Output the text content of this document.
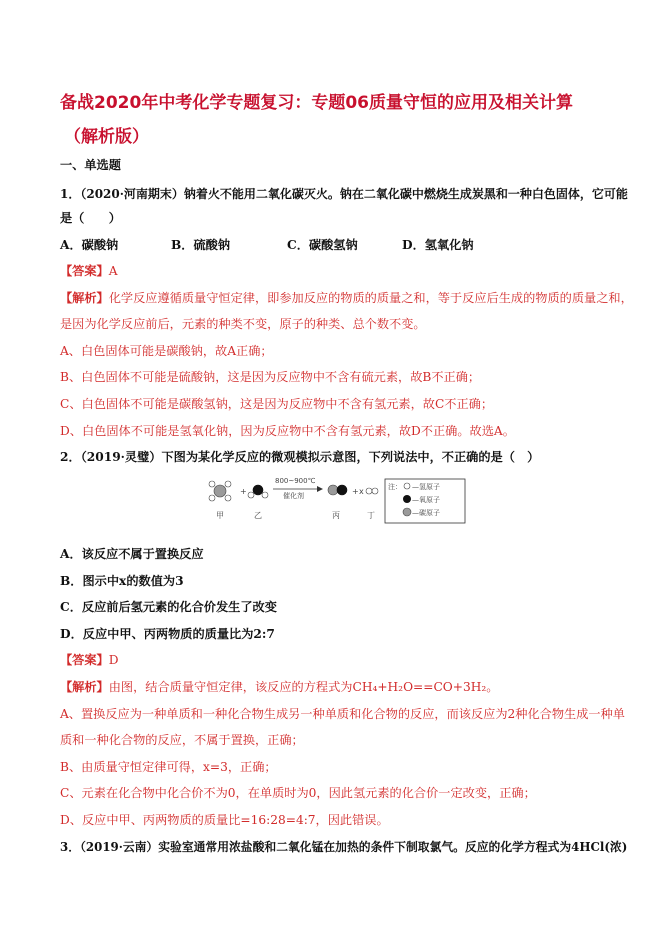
备战2020年中考化学专题复习：专题06质量守恒的应用及相关计算
（解析版）
一、单选题
1．（2020·河南期末）钠着火不能用二氧化碳灭火。钠在二氧化碳中燃烧生成炭黑和一种白色固体，它可能
是（　　）
A．碳酸钠	B．硫酸钠	C．碳酸氢钠	D．氢氧化钠
【答案】A
【解析】化学反应遵循质量守恒定律，即参加反应的物质的质量之和，等于反应后生成的物质的质量之和，
是因为化学反应前后，元素的种类不变，原子的种类、总个数不变。
A、白色固体可能是碳酸钠，故A正确；
B、白色固体不可能是硫酸钠，这是因为反应物中不含有硫元素，故B不正确；
C、白色固体不可能是碳酸氢钠，这是因为反应物中不含有氢元素，故C不正确；
D、白色固体不可能是氢氧化钠，因为反应物中不含有氢元素，故D不正确。故选A。
2．（2019·灵璧）下图为某化学反应的微观模拟示意图，下列说法中，不正确的是（　）
+
800~900℃
催化剂	+ x
甲	乙	丙	丁
注： —氢原子
—氧原子
—碳原子
A．该反应不属于置换反应
B．图示中x的数值为3
C．反应前后氢元素的化合价发生了改变
D．反应中甲、丙两物质的质量比为2:7
【答案】D
【解析】由图，结合质量守恒定律，该反应的方程式为CH₄+H₂O==CO+3H₂。
A、置换反应为一种单质和一种化合物生成另一种单质和化合物的反应，而该反应为2种化合物生成一种单
质和一种化合物的反应，不属于置换，正确；
B、由质量守恒定律可得，x=3，正确；
C、元素在化合物中化合价不为0，在单质时为0，因此氢元素的化合价一定改变，正确；
D、反应中甲、丙两物质的质量比=16:28=4:7，因此错误。
3．（2019·云南）实验室通常用浓盐酸和二氧化锰在加热的条件下制取氯气。反应的化学方程式为4HCl(浓)
